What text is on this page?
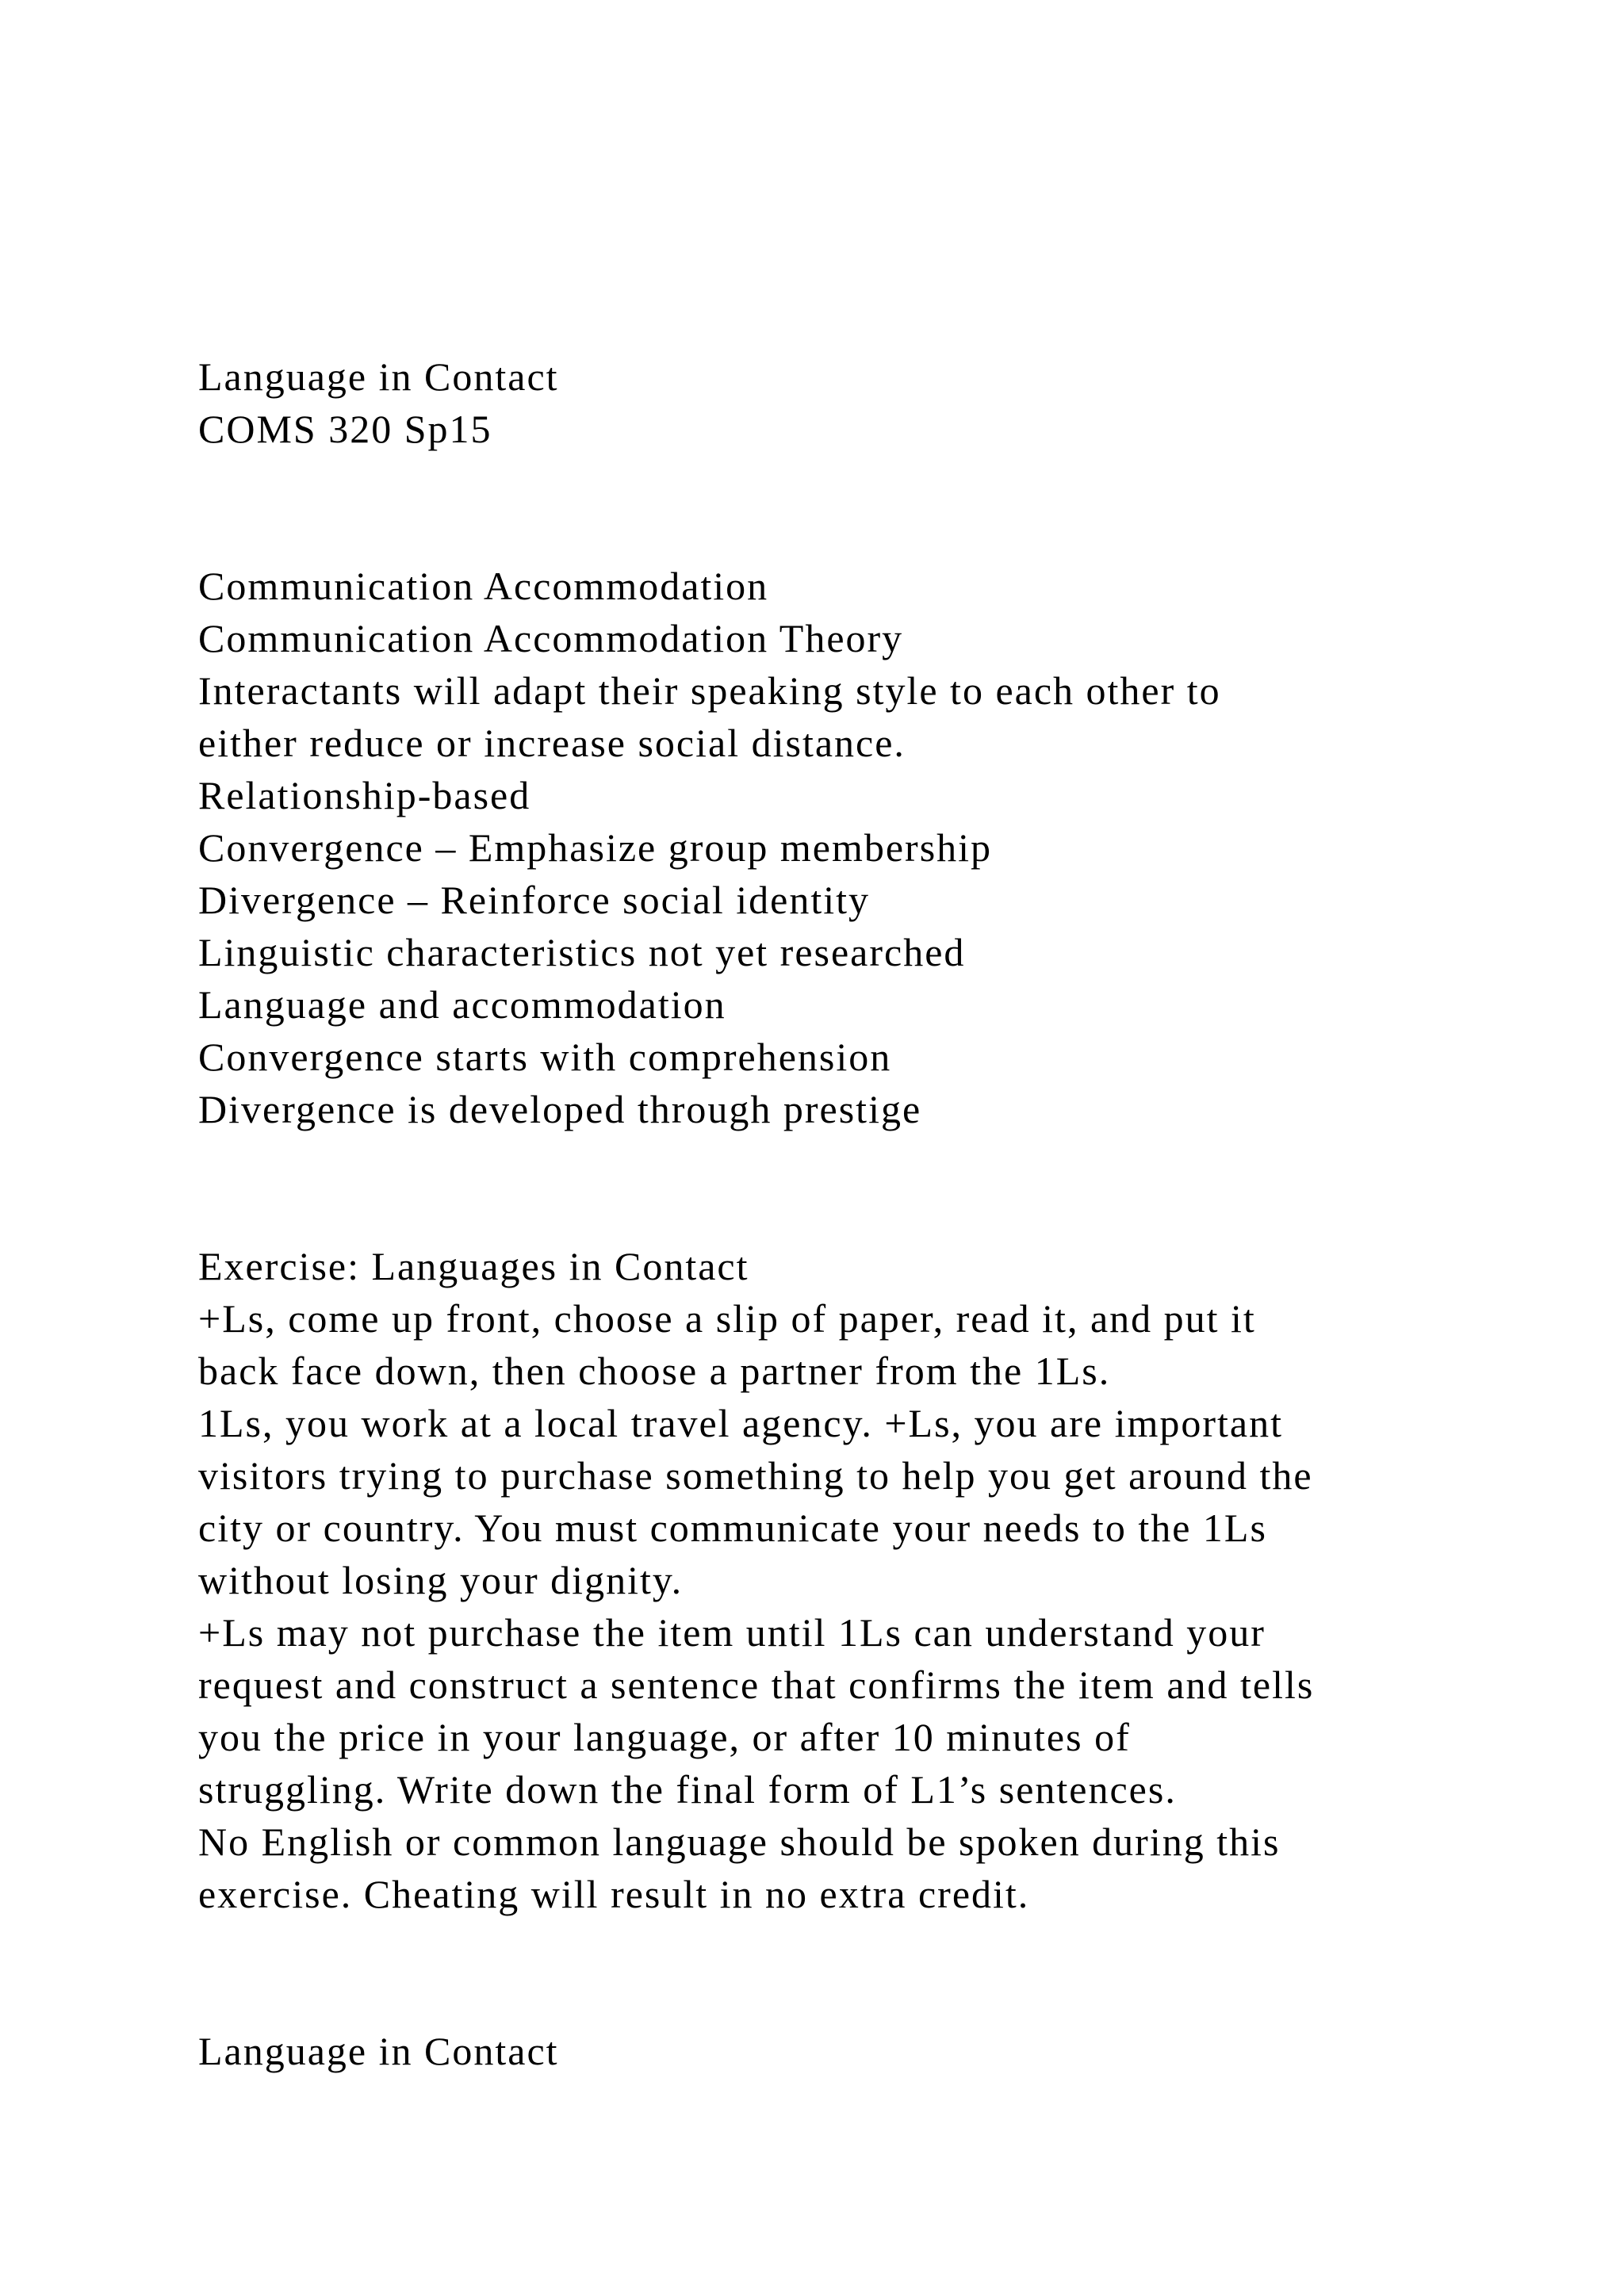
Language in Contact
COMS 320 Sp15
Communication Accommodation
Communication Accommodation Theory
Interactants will adapt their speaking style to each other to
either reduce or increase social distance.
Relationship-based
Convergence – Emphasize group membership
Divergence – Reinforce social identity
Linguistic characteristics not yet researched
Language and accommodation
Convergence starts with comprehension
Divergence is developed through prestige
Exercise: Languages in Contact
+Ls, come up front, choose a slip of paper, read it, and put it
back face down, then choose a partner from the 1Ls.
1Ls, you work at a local travel agency. +Ls, you are important
visitors trying to purchase something to help you get around the
city or country. You must communicate your needs to the 1Ls
without losing your dignity.
+Ls may not purchase the item until 1Ls can understand your
request and construct a sentence that confirms the item and tells
you the price in your language, or after 10 minutes of
struggling. Write down the final form of L1’s sentences.
No English or common language should be spoken during this
exercise. Cheating will result in no extra credit.
Language in Contact
